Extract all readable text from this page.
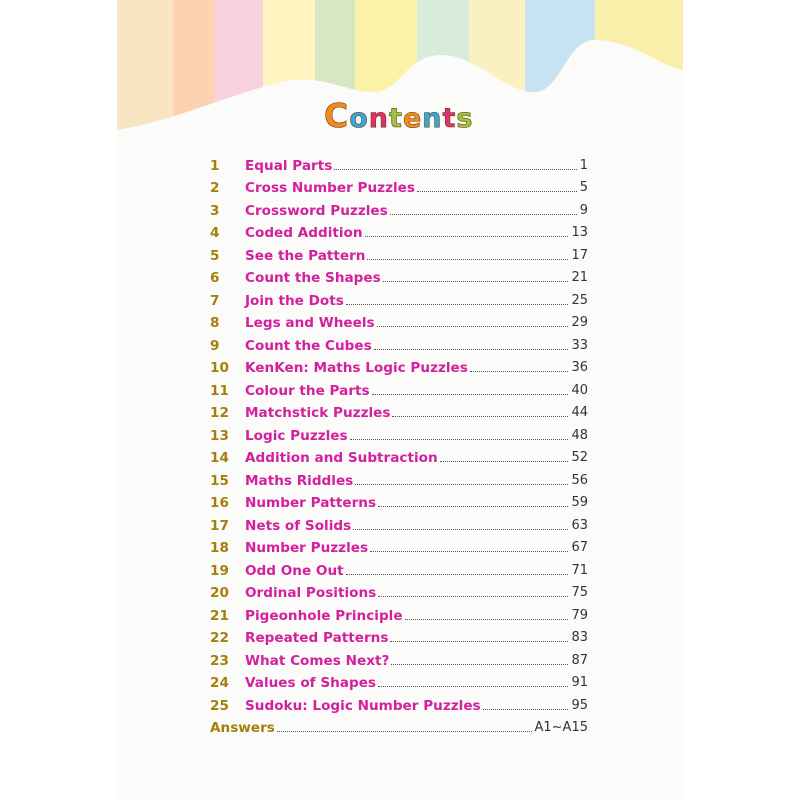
Contents
1	Equal Parts	1
2	Cross Number Puzzles	5
3	Crossword Puzzles	9
4	Coded Addition	13
5	See the Pattern	17
6	Count the Shapes	21
7	Join the Dots	25
8	Legs and Wheels	29
9	Count the Cubes	33
10	KenKen: Maths Logic Puzzles	36
11	Colour the Parts	40
12	Matchstick Puzzles	44
13	Logic Puzzles	48
14	Addition and Subtraction	52
15	Maths Riddles	56
16	Number Patterns	59
17	Nets of Solids	63
18	Number Puzzles	67
19	Odd One Out	71
20	Ordinal Positions	75
21	Pigeonhole Principle	79
22	Repeated Patterns	83
23	What Comes Next?	87
24	Values of Shapes	91
25	Sudoku: Logic Number Puzzles	95
Answers	A1~A15
